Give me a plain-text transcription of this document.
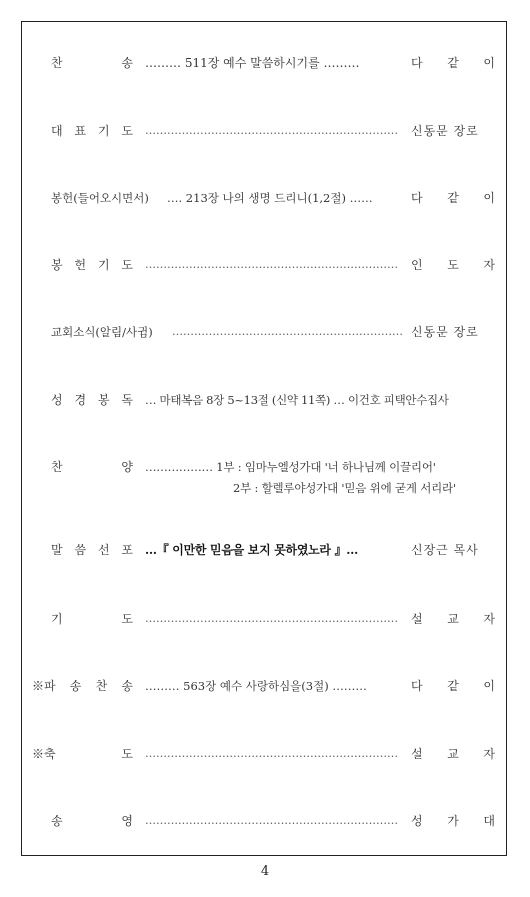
찬	송 ……… 511장 예수 말씀하시기를 ………	다 같 이
대 표 기 도 ……………………………………………………………	신동문 장로
봉헌(들어오시면서) …. 213장 나의 생명 드리니(1,2절) ……	다 같 이
봉 헌 기 도 ……………………………………………………………	인 도 자
교회소식(알림/사귐) ……………………………………………………… 신동문 장로
성 경 봉 독 … 마태복음 8장 5~13절 (신약 11쪽) … 이건호 피택안수집사
찬	양 ……………… 1부 : 임마누엘성가대 '너 하나님께 이끌리어'
2부 : 할렐루야성가대 '믿음 위에 굳게 서리라'
말 씀 선 포 …『 이만한 믿음을 보지 못하였노라 』…	신장근 목사
기	도 ……………………………………………………………	설 교 자
※파 송 찬 송 ……… 563장 예수 사랑하심을(3절) ………	다 같 이
※축	도 ……………………………………………………………	설 교 자
송	영 ……………………………………………………………	성 가 대
4
